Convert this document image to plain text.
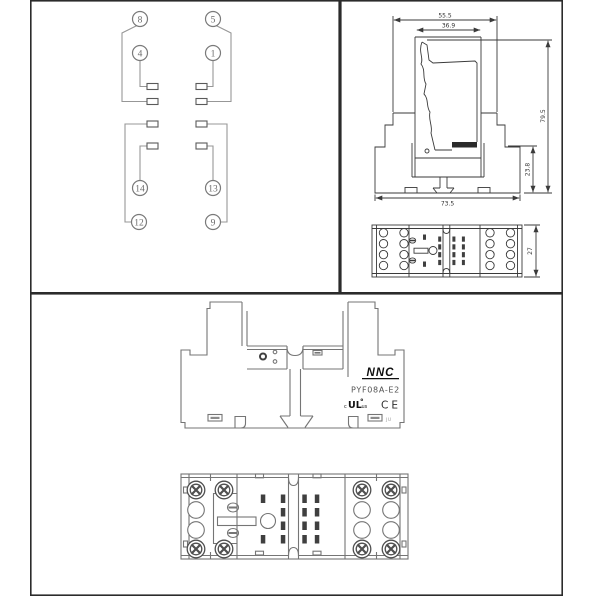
8	5
4	1
14	13
12	9
55.5
36.9
79.5
23.8
73.5
27
NNC
PYF08A-E2
c UL us CE
JU
